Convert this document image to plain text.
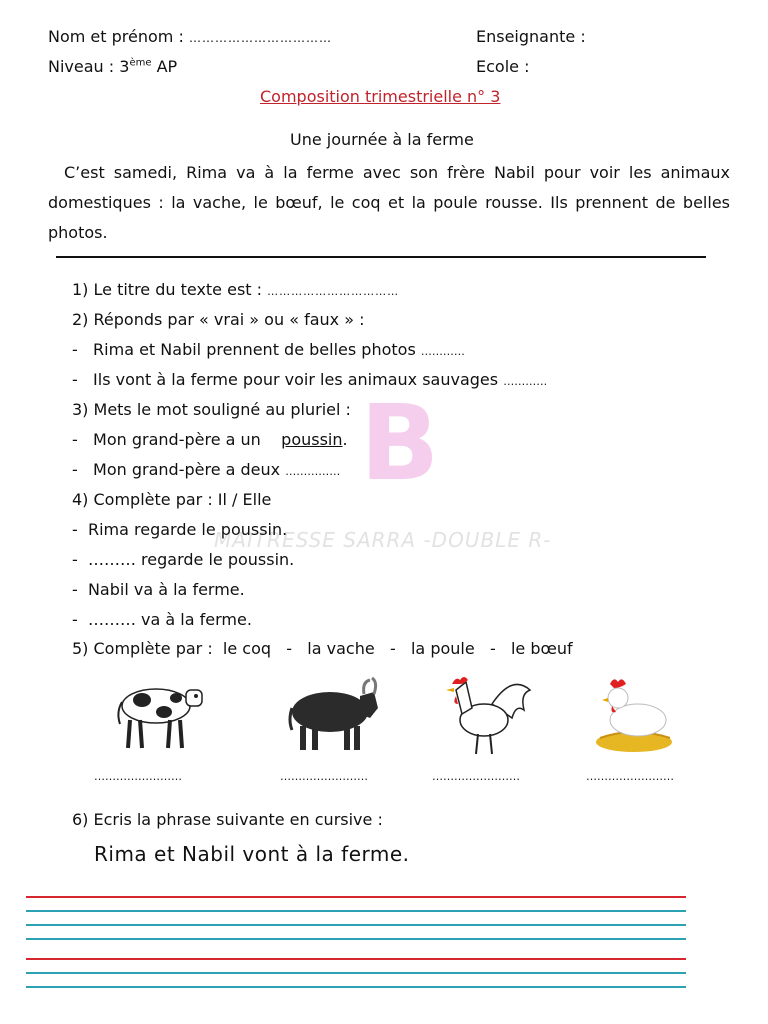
B
MAITRESSE SARRA -DOUBLE R-
Nom et prénom : ……………………………	Enseignante :
Niveau : 3ème AP	Ecole :
Composition trimestrielle n° 3
Une journée à la ferme
C’est samedi, Rima va à la ferme avec son frère Nabil pour voir les animaux domestiques : la vache, le bœuf, le coq et la poule rousse. Ils prennent de belles photos.
1) Le titre du texte est : ……………………………
2) Réponds par « vrai » ou « faux » :
-   Rima et Nabil prennent de belles photos …………
-   Ils vont à la ferme pour voir les animaux sauvages …………
3) Mets le mot souligné au pluriel :
-   Mon grand-père a un poussin.
-   Mon grand-père a deux ……………
4) Complète par : Il / Elle
-  Rima regarde le poussin.
-  ……… regarde le poussin.
-  Nabil va à la ferme.
-  ……… va à la ferme.
5) Complète par : le coq   -   la vache   -   la poule   -   le bœuf
……………………	……………………	……………………	……………………
6) Ecris la phrase suivante en cursive :
Rima et Nabil vont à la ferme.
